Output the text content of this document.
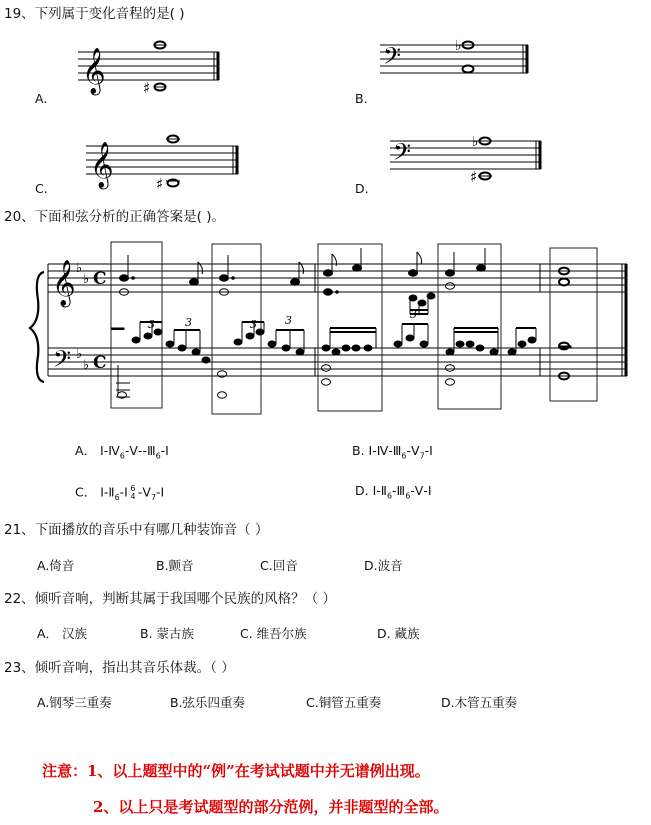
19、下列属于变化音程的是( )
𝄞 ♯
𝄢	♭
𝄞	♯
𝄢	♭
♯
A.	B.
C.	D.
20、下面和弦分析的正确答案是( )。
𝄞
𝄢
♭
♭
♭
♭
C
C
3	3	3	3	3
A． $Ⅰ-Ⅳ_6-Ⅴ--Ⅲ_6-Ⅰ$	B. $Ⅰ-Ⅳ-Ⅲ_6-Ⅴ_7-Ⅰ$
C． $Ⅰ-Ⅱ_6-Ⅰ$ 6
4 $-Ⅴ_7-Ⅰ$	D. $Ⅰ-Ⅱ_6-Ⅲ_6-Ⅴ-Ⅰ$
21、下面播放的音乐中有哪几种装饰音（ ）
A.倚音	B.颤音	C.回音	D.波音
22、倾听音响，判断其属于我国哪个民族的风格？（ ）
A． 汉族	B. 蒙古族	C. 维吾尔族	D. 藏族
23、倾听音响，指出其音乐体裁。（ ）
A.钢琴三重奏	B.弦乐四重奏	C.铜管五重奏	D.木管五重奏
注意：1、以上题型中的“例”在考试试题中并无谱例出现。
2、以上只是考试题型的部分范例，并非题型的全部。
